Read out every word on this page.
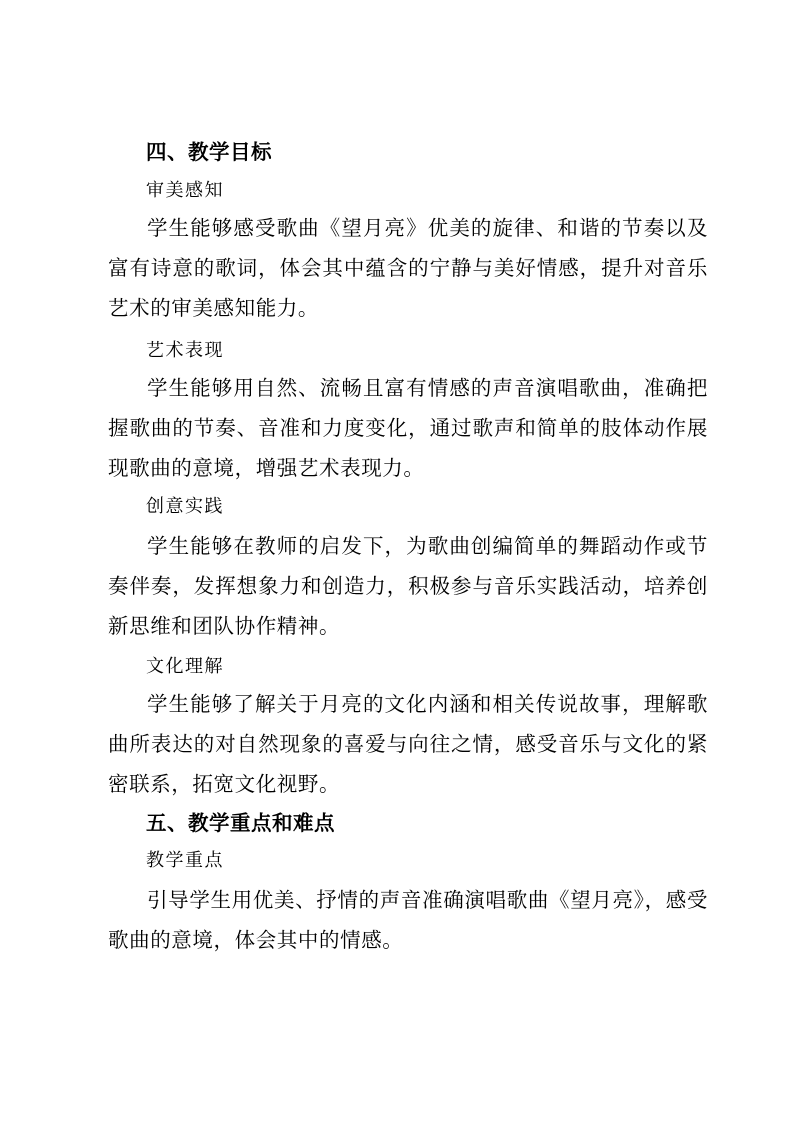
四、教学目标
审美感知
学生能够感受歌曲《望月亮》优美的旋律、和谐的节奏以及富有诗意的歌词，体会其中蕴含的宁静与美好情感，提升对音乐艺术的审美感知能力。
艺术表现
学生能够用自然、流畅且富有情感的声音演唱歌曲，准确把握歌曲的节奏、音准和力度变化，通过歌声和简单的肢体动作展现歌曲的意境，增强艺术表现力。
创意实践
学生能够在教师的启发下，为歌曲创编简单的舞蹈动作或节奏伴奏，发挥想象力和创造力，积极参与音乐实践活动，培养创新思维和团队协作精神。
文化理解
学生能够了解关于月亮的文化内涵和相关传说故事，理解歌曲所表达的对自然现象的喜爱与向往之情，感受音乐与文化的紧密联系，拓宽文化视野。
五、教学重点和难点
教学重点
引导学生用优美、抒情的声音准确演唱歌曲《望月亮》，感受歌曲的意境，体会其中的情感。
